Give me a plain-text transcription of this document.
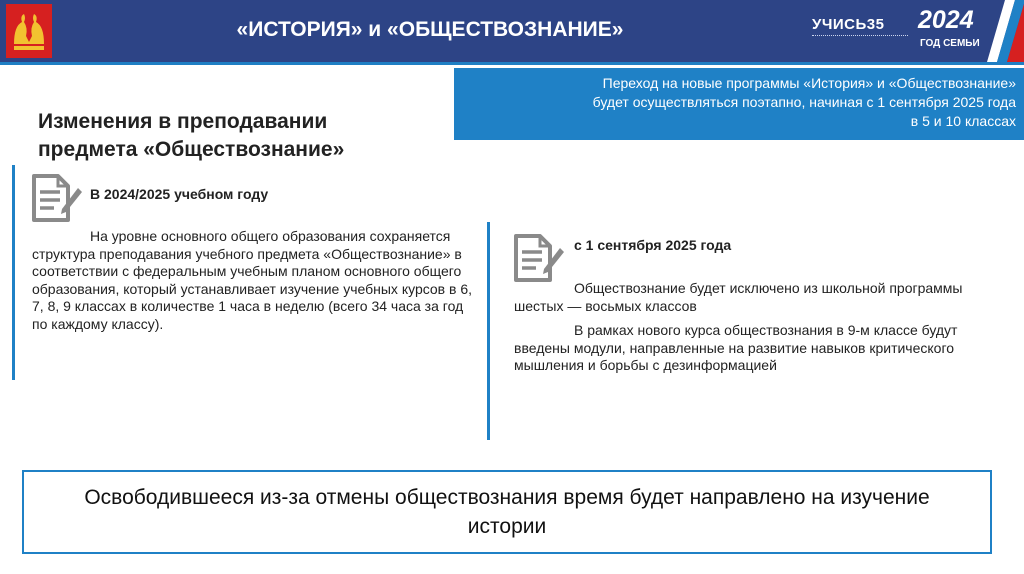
«ИСТОРИЯ» и «ОБЩЕСТВОЗНАНИЕ»	УЧИСЬ35 2024
ГОД СЕМЬИ
Переход на новые программы «История» и «Обществознание»
будет осуществляться поэтапно, начиная с 1 сентября 2025 года
в 5 и 10 классах
Изменения в преподавании
предмета «Обществознание»
В 2024/2025 учебном году
На уровне основного общего образования сохраняется структура преподавания учебного предмета «Обществознание» в соответствии с федеральным учебным планом основного общего образования, который устанавливает изучение учебных курсов в 6, 7, 8, 9 классах в количестве 1 часа в неделю (всего 34 часа за год по каждому классу).
с 1 сентября 2025 года
Обществознание будет исключено из школьной программы шестых — восьмых классов
В рамках нового курса обществознания в 9-м классе будут введены модули, направленные на развитие навыков критического мышления и борьбы с дезинформацией
Освободившееся из-за отмены обществознания время будет направлено на изучение истории
